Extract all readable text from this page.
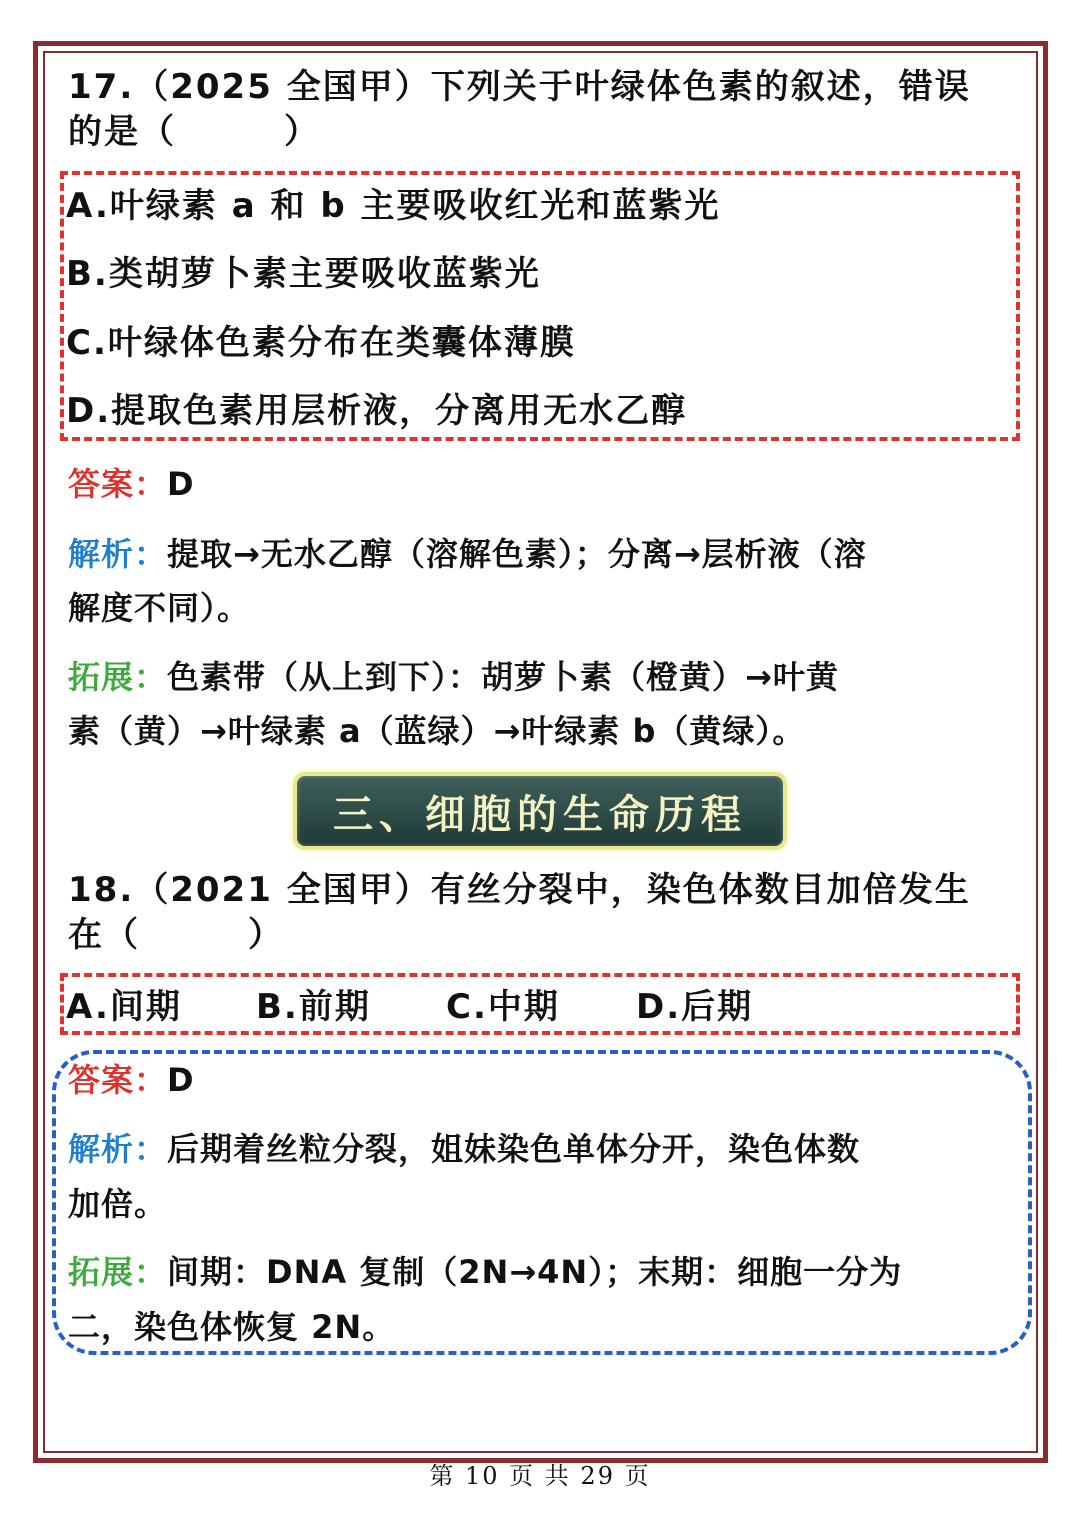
17.（2025 全国甲）下列关于叶绿体色素的叙述，错误
的是（　　　）
A.叶绿素 a 和 b 主要吸收红光和蓝紫光
B.类胡萝卜素主要吸收蓝紫光
C.叶绿体色素分布在类囊体薄膜
D.提取色素用层析液，分离用无水乙醇
答案：D
解析：提取→无水乙醇（溶解色素）；分离→层析液（溶
解度不同）。
拓展：色素带（从上到下）：胡萝卜素（橙黄）→叶黄
素（黄）→叶绿素 a（蓝绿）→叶绿素 b（黄绿）。
三、细胞的生命历程
18.（2021 全国甲）有丝分裂中，染色体数目加倍发生
在（　　　）
A.间期 B.前期 C.中期 D.后期
答案：D
解析：后期着丝粒分裂，姐妹染色单体分开，染色体数
加倍。
拓展：间期：DNA 复制（2N→4N）；末期：细胞一分为
二，染色体恢复 2N。
第 10 页 共 29 页
